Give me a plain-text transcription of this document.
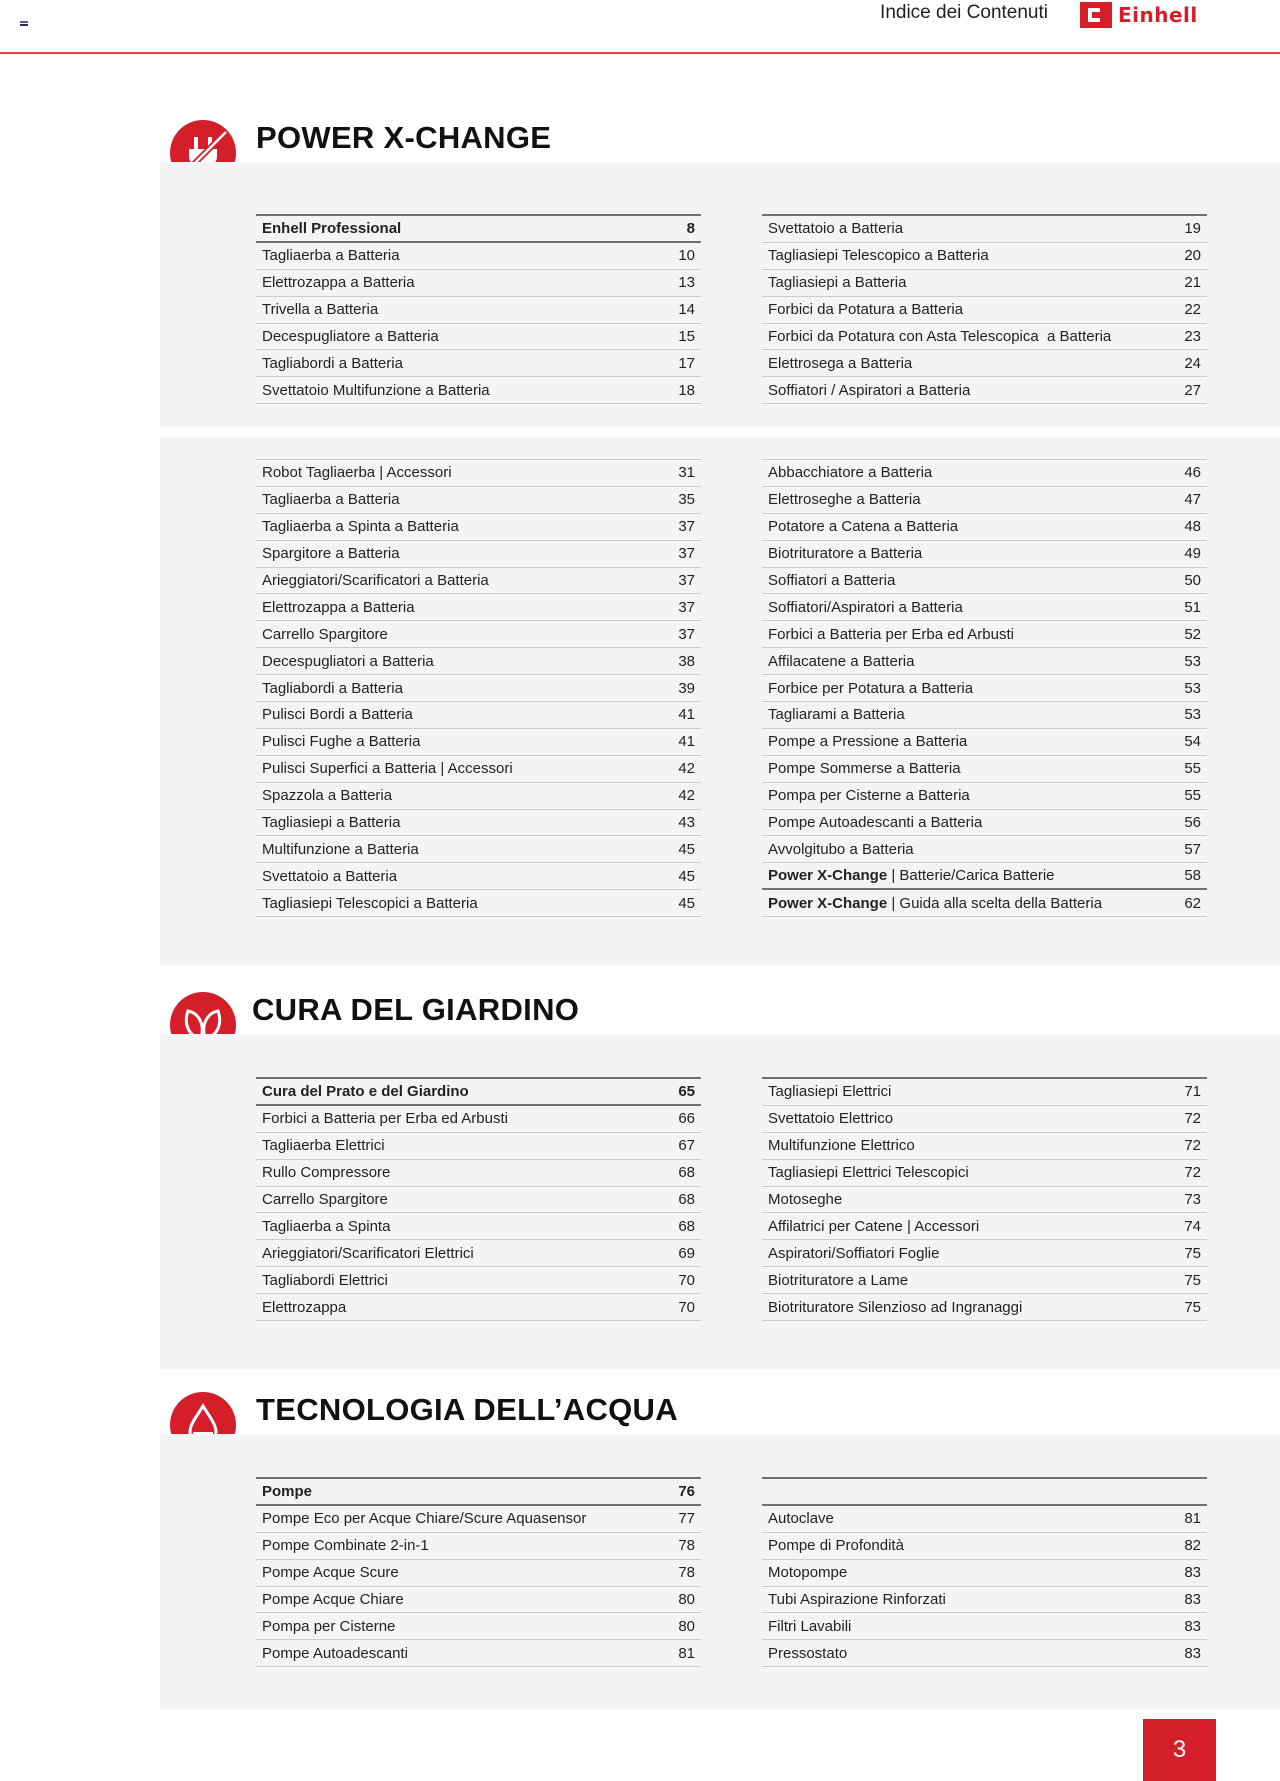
Indice dei Contenuti	Einhell
POWER X-CHANGE
Enhell Professional	8
Tagliaerba a Batteria	10
Elettrozappa a Batteria	13
Trivella a Batteria	14
Decespugliatore a Batteria	15
Tagliabordi a Batteria	17
Svettatoio Multifunzione a Batteria	18
Svettatoio a Batteria	19
Tagliasiepi Telescopico a Batteria	20
Tagliasiepi a Batteria	21
Forbici da Potatura a Batteria	22
Forbici da Potatura con Asta Telescopica  a Batteria	23
Elettrosega a Batteria	24
Soffiatori / Aspiratori a Batteria	27
Robot Tagliaerba | Accessori	31
Tagliaerba a Batteria	35
Tagliaerba a Spinta a Batteria	37
Spargitore a Batteria	37
Arieggiatori/Scarificatori a Batteria	37
Elettrozappa a Batteria	37
Carrello Spargitore	37
Decespugliatori a Batteria	38
Tagliabordi a Batteria	39
Pulisci Bordi a Batteria	41
Pulisci Fughe a Batteria	41
Pulisci Superfici a Batteria | Accessori	42
Spazzola a Batteria	42
Tagliasiepi a Batteria	43
Multifunzione a Batteria	45
Svettatoio a Batteria	45
Tagliasiepi Telescopici a Batteria	45
Abbacchiatore a Batteria	46
Elettroseghe a Batteria	47
Potatore a Catena a Batteria	48
Biotrituratore a Batteria	49
Soffiatori a Batteria	50
Soffiatori/Aspiratori a Batteria	51
Forbici a Batteria per Erba ed Arbusti	52
Affilacatene a Batteria	53
Forbice per Potatura a Batteria	53
Tagliarami a Batteria	53
Pompe a Pressione a Batteria	54
Pompe Sommerse a Batteria	55
Pompa per Cisterne a Batteria	55
Pompe Autoadescanti a Batteria	56
Avvolgitubo a Batteria	57
Power X-Change | Batterie/Carica Batterie	58
Power X-Change | Guida alla scelta della Batteria	62
CURA DEL GIARDINO
Cura del Prato e del Giardino	65
Forbici a Batteria per Erba ed Arbusti	66
Tagliaerba Elettrici	67
Rullo Compressore	68
Carrello Spargitore	68
Tagliaerba a Spinta	68
Arieggiatori/Scarificatori Elettrici	69
Tagliabordi Elettrici	70
Elettrozappa	70
Tagliasiepi Elettrici	71
Svettatoio Elettrico	72
Multifunzione Elettrico	72
Tagliasiepi Elettrici Telescopici	72
Motoseghe	73
Affilatrici per Catene | Accessori	74
Aspiratori/Soffiatori Foglie	75
Biotrituratore a Lame	75
Biotrituratore Silenzioso ad Ingranaggi	75
TECNOLOGIA DELL’ACQUA
Pompe	76
Pompe Eco per Acque Chiare/Scure Aquasensor	77
Pompe Combinate 2-in-1	78
Pompe Acque Scure	78
Pompe Acque Chiare	80
Pompa per Cisterne	80
Pompe Autoadescanti	81
Autoclave	81
Pompe di Profondità	82
Motopompe	83
Tubi Aspirazione Rinforzati	83
Filtri Lavabili	83
Pressostato	83
3
